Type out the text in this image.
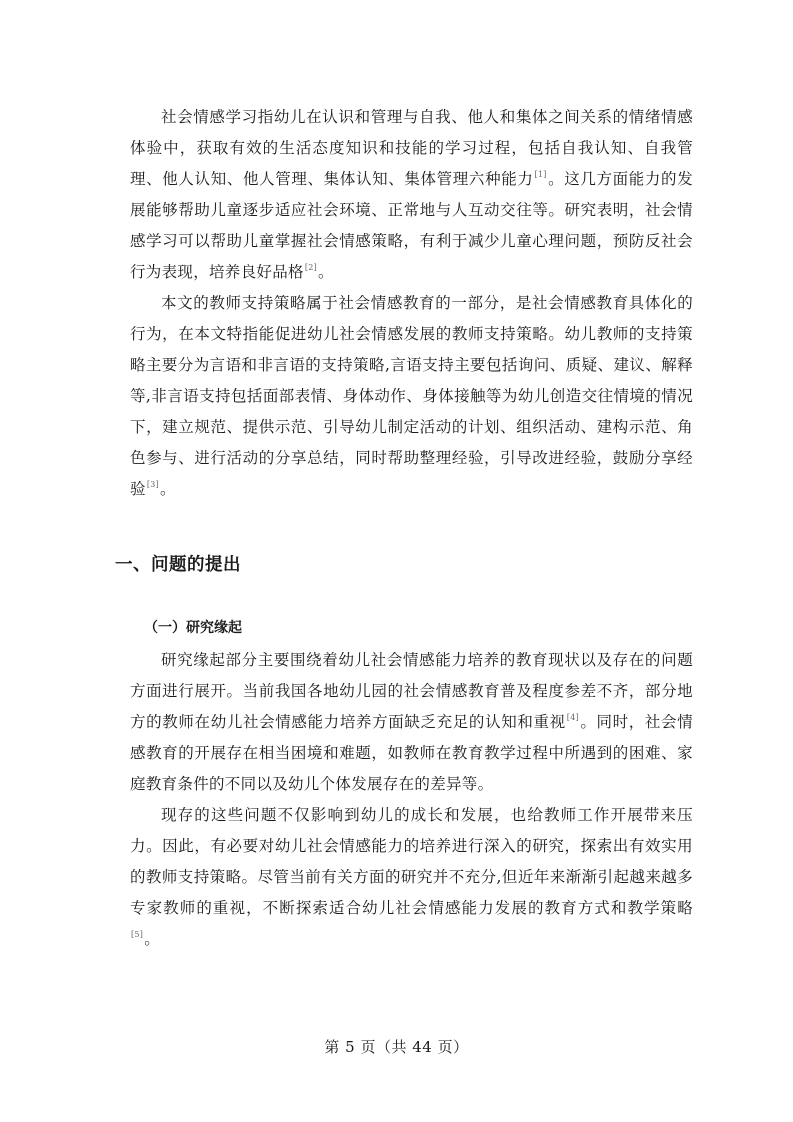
社会情感学习指幼儿在认识和管理与自我、他人和集体之间关系的情绪情感体验中，获取有效的生活态度知识和技能的学习过程，包括自我认知、自我管理、他人认知、他人管理、集体认知、集体管理六种能力[1]。这几方面能力的发展能够帮助儿童逐步适应社会环境、正常地与人互动交往等。研究表明，社会情感学习可以帮助儿童掌握社会情感策略，有利于减少儿童心理问题，预防反社会行为表现，培养良好品格[2]。

本文的教师支持策略属于社会情感教育的一部分，是社会情感教育具体化的行为，在本文特指能促进幼儿社会情感发展的教师支持策略。幼儿教师的支持策略主要分为言语和非言语的支持策略,言语支持主要包括询问、质疑、建议、解释等,非言语支持包括面部表情、身体动作、身体接触等为幼儿创造交往情境的情况下，建立规范、提供示范、引导幼儿制定活动的计划、组织活动、建构示范、角色参与、进行活动的分享总结，同时帮助整理经验，引导改进经验，鼓励分享经验[3]。

一、问题的提出
（一）研究缘起

研究缘起部分主要围绕着幼儿社会情感能力培养的教育现状以及存在的问题方面进行展开。当前我国各地幼儿园的社会情感教育普及程度参差不齐，部分地方的教师在幼儿社会情感能力培养方面缺乏充足的认知和重视[4]。同时，社会情感教育的开展存在相当困境和难题，如教师在教育教学过程中所遇到的困难、家庭教育条件的不同以及幼儿个体发展存在的差异等。

现存的这些问题不仅影响到幼儿的成长和发展，也给教师工作开展带来压力。因此，有必要对幼儿社会情感能力的培养进行深入的研究，探索出有效实用的教师支持策略。尽管当前有关方面的研究并不充分,但近年来渐渐引起越来越多专家教师的重视，不断探索适合幼儿社会情感能力发展的教育方式和教学策略[5]。

第 5 页（共 44 页）
